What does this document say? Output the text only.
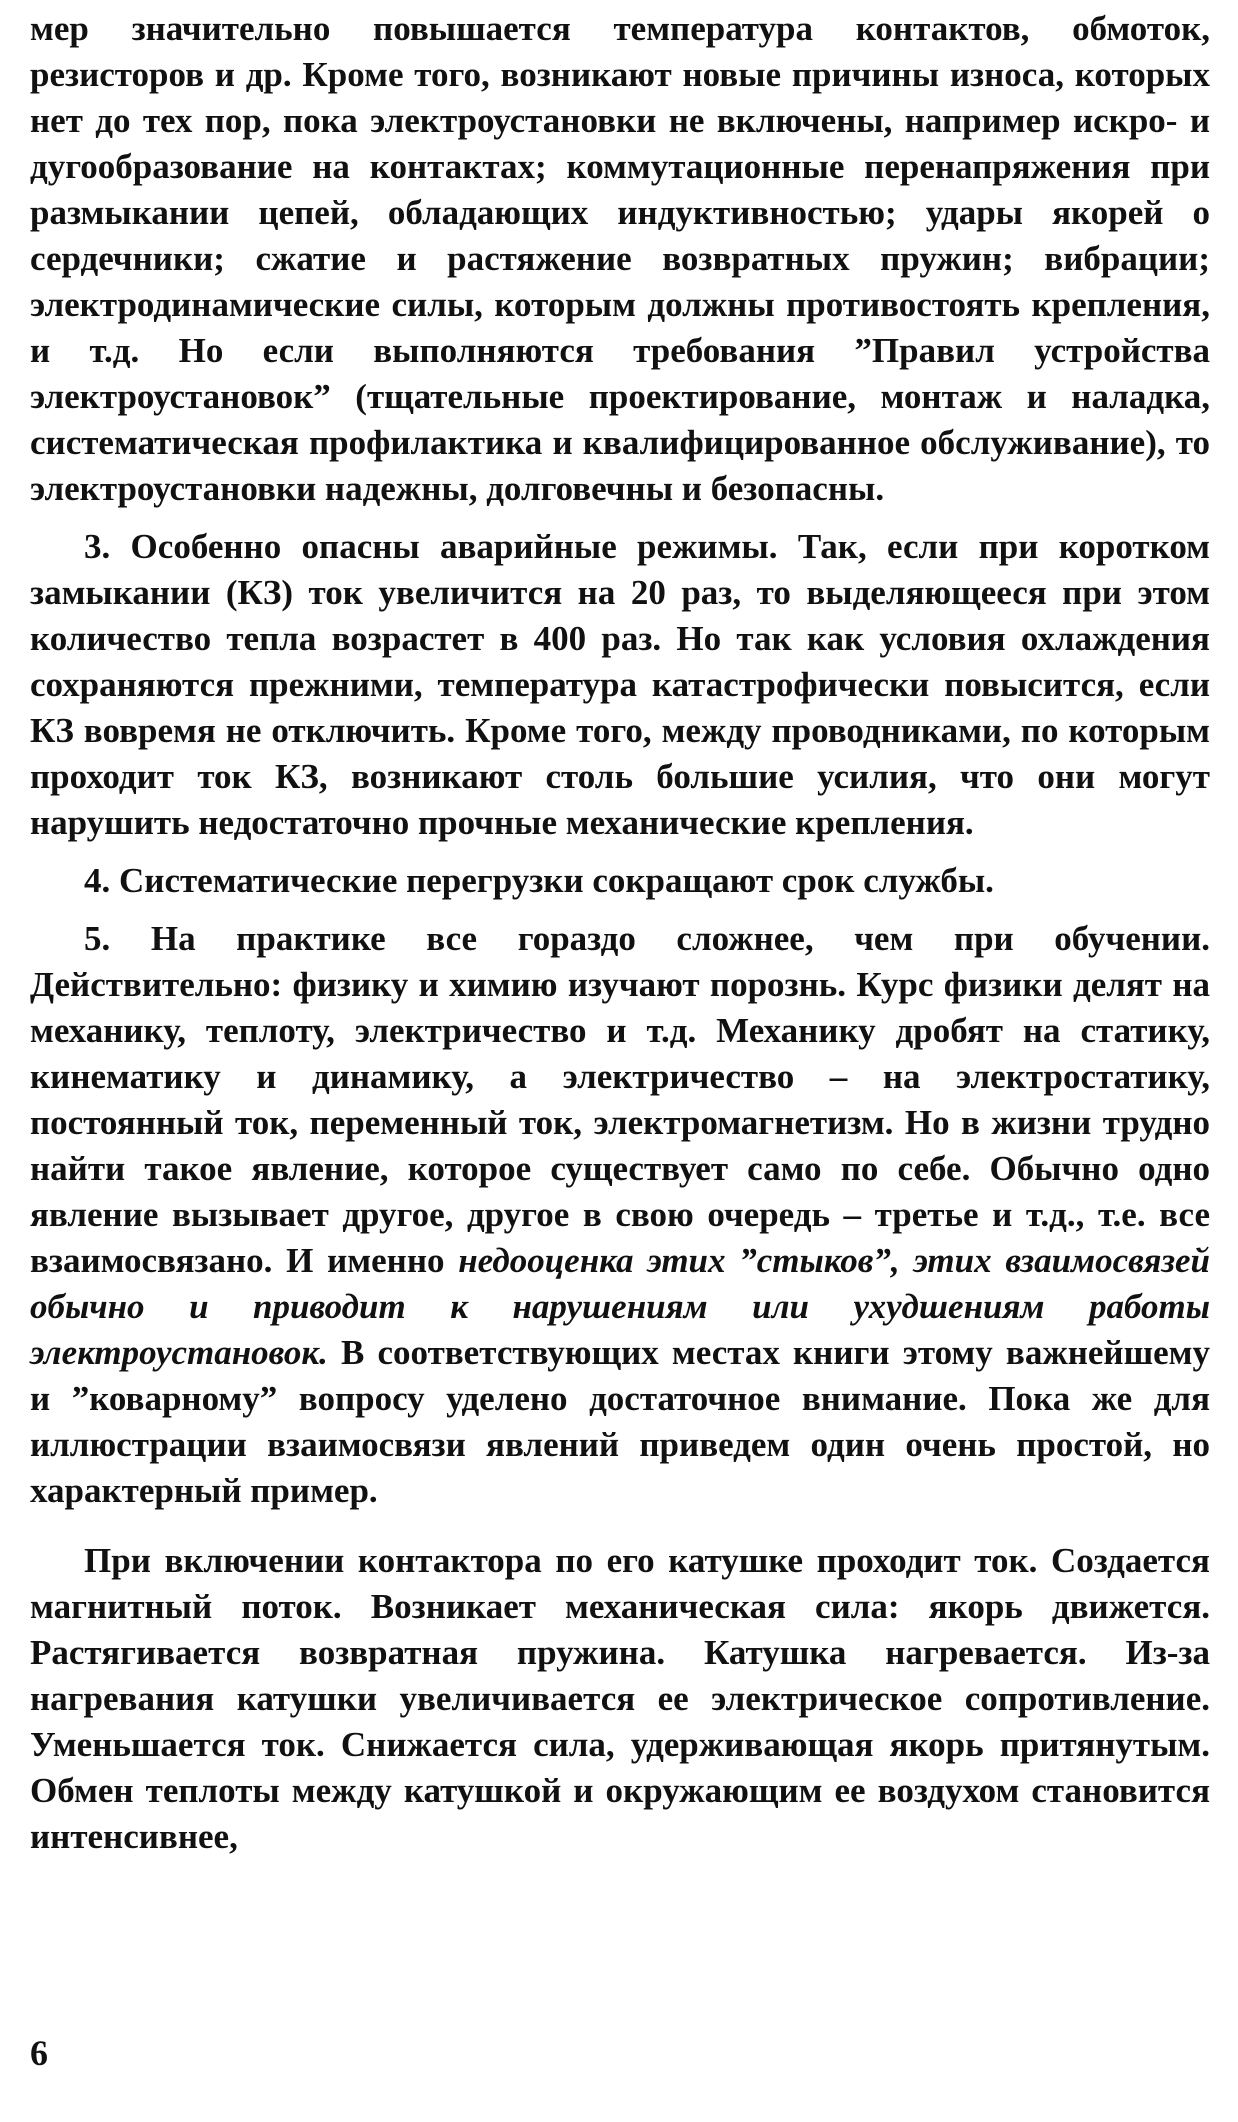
мер значительно повышается температура контактов, обмоток, резисторов и др. Кроме того, возникают новые причины износа, которых нет до тех пор, пока электроустановки не включены, например искро- и дугообразование на контактах; коммутационные перенапряжения при размыкании цепей, обладающих индуктивностью; удары якорей о сердечники; сжатие и растяжение возвратных пружин; вибрации; электродинамические силы, которым должны противостоять крепления, и т.д. Но если выполняются требования ”Правил устройства электроустановок” (тщательные проектирование, монтаж и наладка, систематическая профилактика и квалифицированное обслуживание), то электроустановки надежны, долговечны и безопасны.

3. Особенно опасны аварийные режимы. Так, если при коротком замыкании (КЗ) ток увеличится на 20 раз, то выделяющееся при этом количество тепла возрастет в 400 раз. Но так как условия охлаждения сохраняются прежними, температура катастрофически повысится, если КЗ вовремя не отключить. Кроме того, между проводниками, по которым проходит ток КЗ, возникают столь большие усилия, что они могут нарушить недостаточно прочные механические крепления.

4. Систематические перегрузки сокращают срок службы.

5. На практике все гораздо сложнее, чем при обучении. Действительно: физику и химию изучают порознь. Курс физики делят на механику, теплоту, электричество и т.д. Механику дробят на статику, кинематику и динамику, а электричество – на электростатику, постоянный ток, переменный ток, электромагнетизм. Но в жизни трудно найти такое явление, которое существует само по себе. Обычно одно явление вызывает другое, другое в свою очередь – третье и т.д., т.е. все взаимосвязано. И именно недооценка этих ”стыков”, этих взаимосвязей обычно и приводит к нарушениям или ухудшениям работы электроустановок. В соответствующих местах книги этому важнейшему и ”коварному” вопросу уделено достаточное внимание. Пока же для иллюстрации взаимосвязи явлений приведем один очень простой, но характерный пример.

При включении контактора по его катушке проходит ток. Создается магнитный поток. Возникает механическая сила: якорь движется. Растягивается возвратная пружина. Катушка нагревается. Из-за нагревания катушки увеличивается ее электрическое сопротивление. Уменьшается ток. Снижается сила, удерживающая якорь притянутым. Обмен теплоты между катушкой и окружающим ее воздухом становится интенсивнее,

6
